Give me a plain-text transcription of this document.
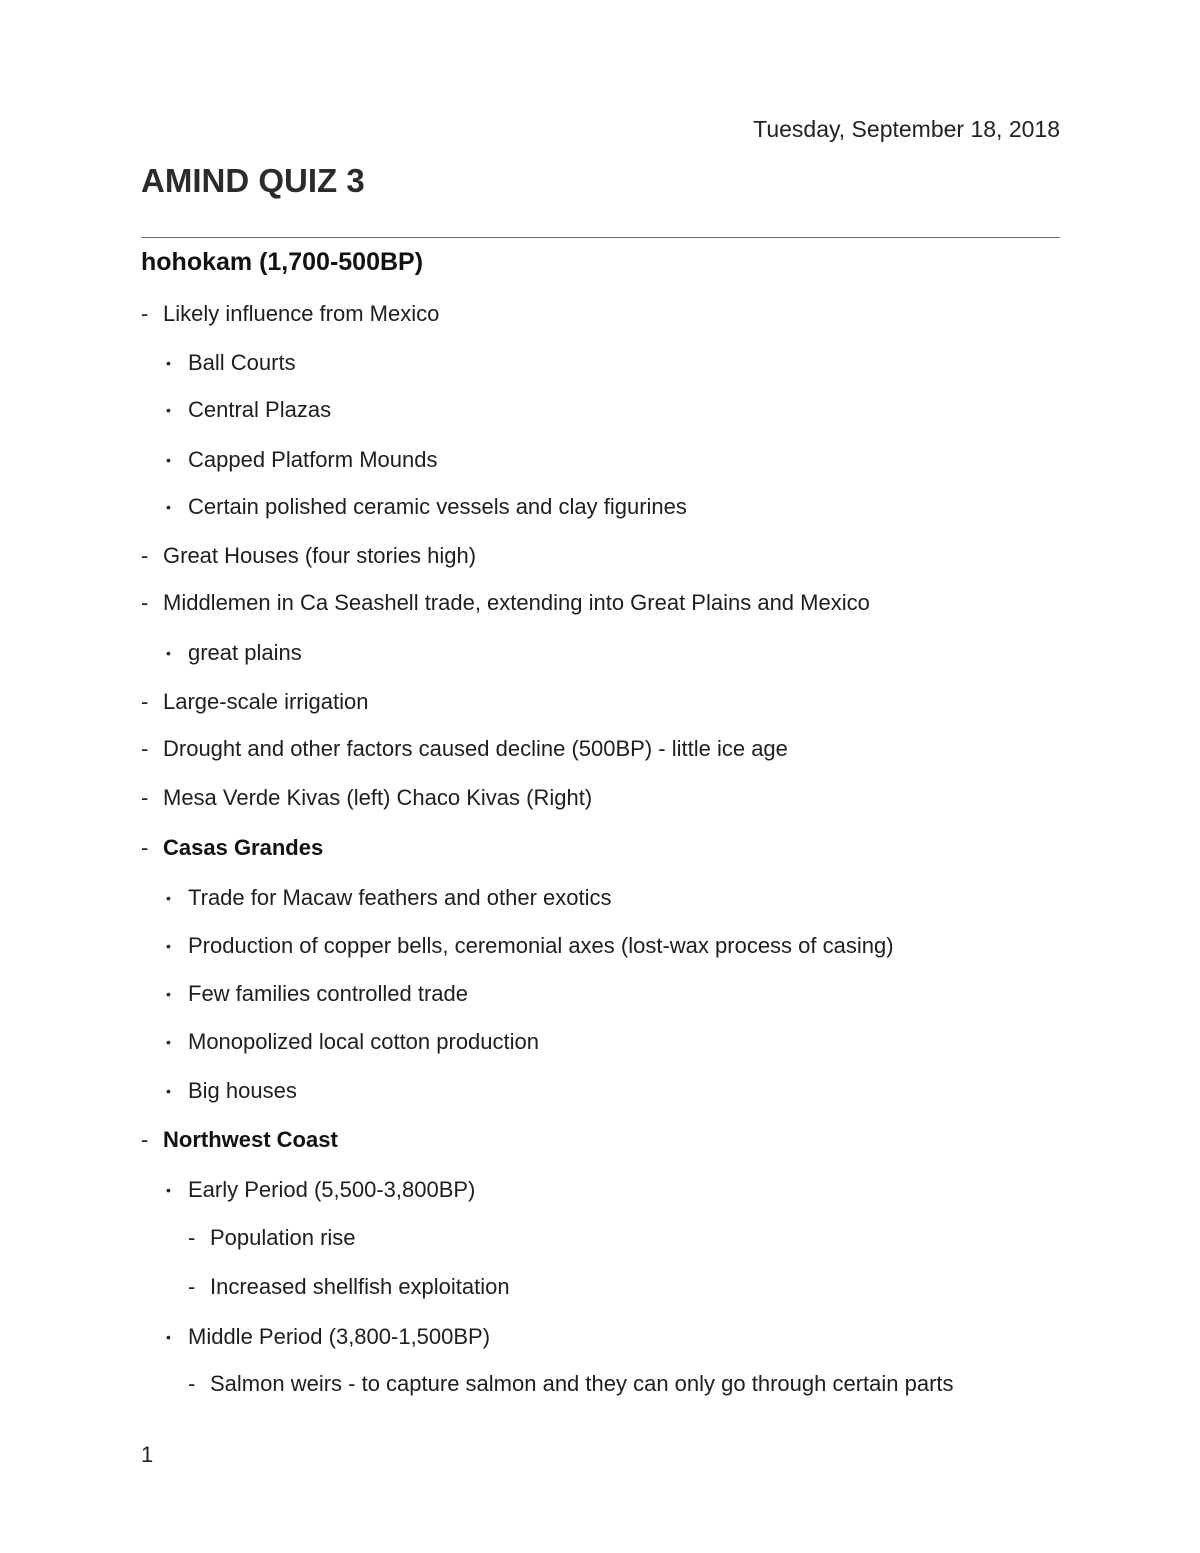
Tuesday, September 18, 2018
AMIND QUIZ 3
hohokam (1,700-500BP)
- Likely influence from Mexico
• Ball Courts
• Central Plazas
• Capped Platform Mounds
• Certain polished ceramic vessels and clay figurines
- Great Houses (four stories high)
- Middlemen in Ca Seashell trade, extending into Great Plains and Mexico
• great plains
- Large-scale irrigation
- Drought and other factors caused decline (500BP) - little ice age
- Mesa Verde Kivas (left) Chaco Kivas (Right)
- Casas Grandes
• Trade for Macaw feathers and other exotics
• Production of copper bells, ceremonial axes (lost-wax process of casing)
• Few families controlled trade
• Monopolized local cotton production
• Big houses
- Northwest Coast
• Early Period (5,500-3,800BP)
- Population rise
- Increased shellfish exploitation
• Middle Period (3,800-1,500BP)
- Salmon weirs - to capture salmon and they can only go through certain parts
1
